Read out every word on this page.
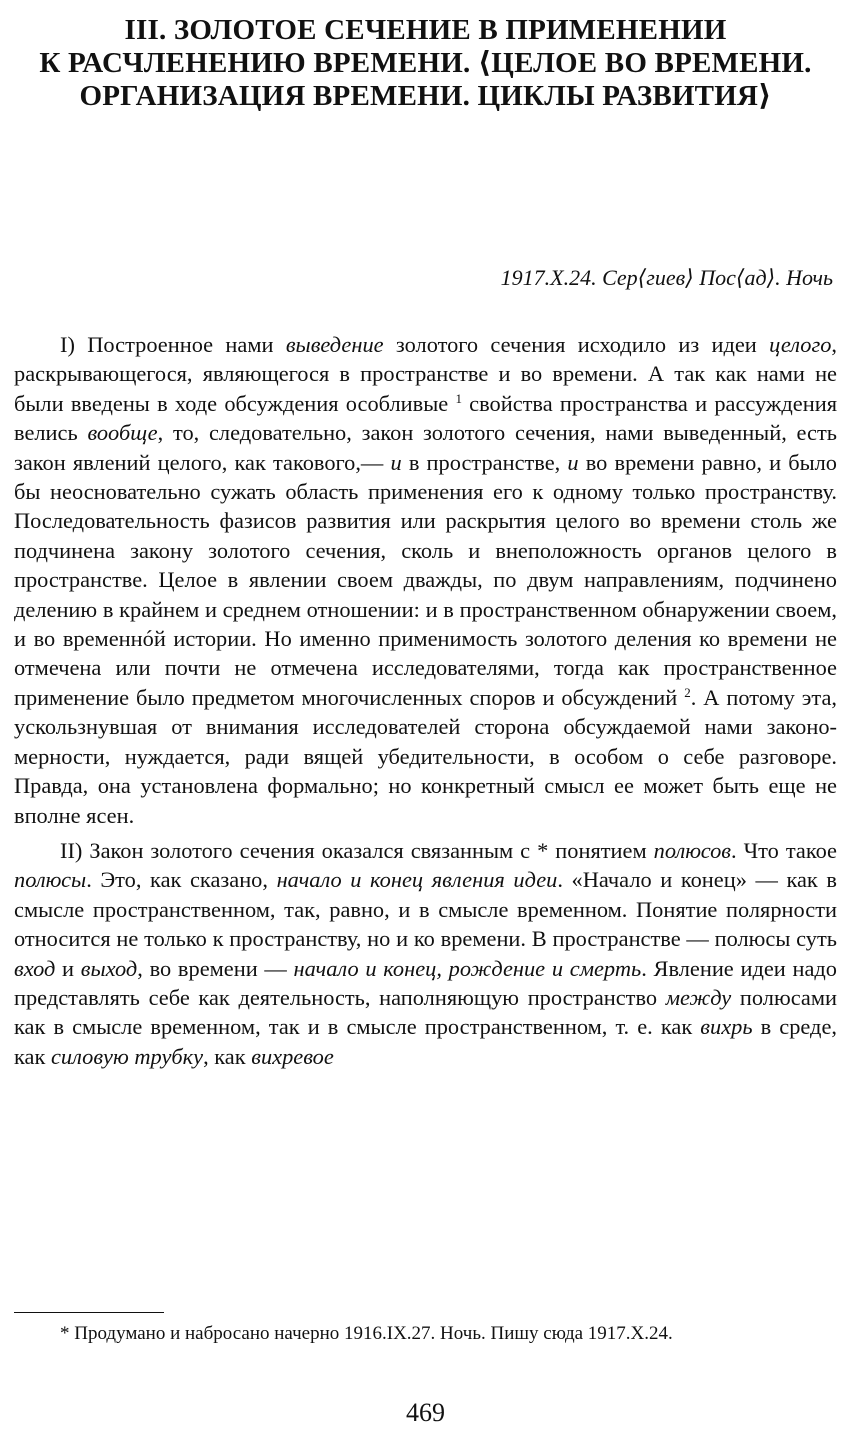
III. ЗОЛОТОЕ СЕЧЕНИЕ В ПРИМЕНЕНИИ
К РАСЧЛЕНЕНИЮ ВРЕМЕНИ. ⟨ЦЕЛОЕ ВО ВРЕМЕНИ.
ОРГАНИЗАЦИЯ ВРЕМЕНИ. ЦИКЛЫ РАЗВИТИЯ⟩
1917.X.24. Сер⟨гиев⟩ Пос⟨ад⟩. Ночь

I) Построенное нами выведение золотого сечения исходило из идеи целого, раскрывающегося, являющегося в пространстве и во времени. А так как нами не были введены в ходе обсуждения особливые $^1$ свойства пространства и рассуждения велись вообще, то, следовательно, закон золотого сечения, нами выведенный, есть закон явлений целого, как такового,— и в пространстве, и во времени равно, и было бы неосновательно сужать область применения его к одному только пространству. Последовательность фазисов развития или раскрытия целого во времени столь же подчинена закону золотого сечения, сколь и внеположность органов целого в пространстве. Целое в явлении своем дважды, по двум направлениям, подчинено делению в крайнем и среднем отношении: и в пространственном обнаружении своем, и во временнóй истории. Но именно применимость золотого деления ко времени не отмечена или почти не отмечена исследователями, тогда как пространственное применение было предметом многочисленных споров и обсуждений $^2$. А потому эта, ускользнувшая от внимания исследователей сторона обсуждаемой нами закономерности, нуждается, ради вящей убедительности, в особом о себе разговоре. Правда, она установлена формально; но конкретный смысл ее может быть еще не вполне ясен.

II) Закон золотого сечения оказался связанным с * понятием полюсов. Что такое полюсы. Это, как сказано, начало и конец явления идеи. «Начало и конец» — как в смысле пространственном, так, равно, и в смысле временном. Понятие полярности относится не только к пространству, но и ко времени. В пространстве — полюсы суть вход и выход, во времени — начало и конец, рождение и смерть. Явление идеи надо представлять себе как деятельность, наполняющую пространство между полюсами как в смысле временном, так и в смысле пространственном, т. е. как вихрь в среде, как силовую трубку, как вихревое

* Продумано и набросано начерно 1916.IX.27. Ночь. Пишу сюда 1917.X.24.
469
